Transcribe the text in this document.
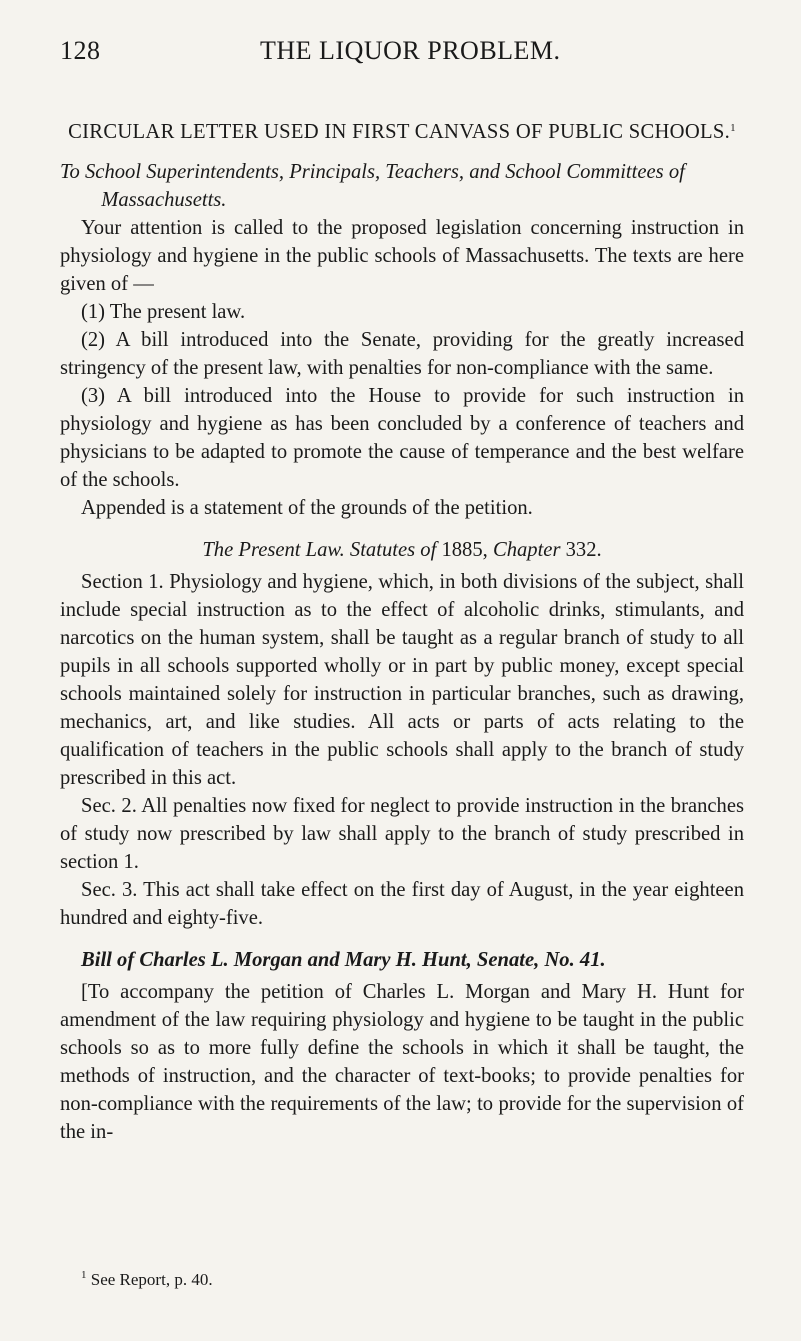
128	THE LIQUOR PROBLEM.

CIRCULAR LETTER USED IN FIRST CANVASS OF PUBLIC SCHOOLS.$^1$

To School Superintendents, Principals, Teachers, and School Committees of Massachusetts.

Your attention is called to the proposed legislation concerning instruction in physiology and hygiene in the public schools of Massachusetts. The texts are here given of —

(1) The present law.

(2) A bill introduced into the Senate, providing for the greatly increased stringency of the present law, with penalties for non-compliance with the same.

(3) A bill introduced into the House to provide for such instruction in physiology and hygiene as has been concluded by a conference of teachers and physicians to be adapted to promote the cause of temperance and the best welfare of the schools.

Appended is a statement of the grounds of the petition.

The Present Law. Statutes of 1885, Chapter 332.

Section 1. Physiology and hygiene, which, in both divisions of the subject, shall include special instruction as to the effect of alcoholic drinks, stimulants, and narcotics on the human system, shall be taught as a regular branch of study to all pupils in all schools supported wholly or in part by public money, except special schools maintained solely for instruction in particular branches, such as drawing, mechanics, art, and like studies. All acts or parts of acts relating to the qualification of teachers in the public schools shall apply to the branch of study prescribed in this act.

Sec. 2. All penalties now fixed for neglect to provide instruction in the branches of study now prescribed by law shall apply to the branch of study prescribed in section 1.

Sec. 3. This act shall take effect on the first day of August, in the year eighteen hundred and eighty-five.

Bill of Charles L. Morgan and Mary H. Hunt, Senate, No. 41.

[To accompany the petition of Charles L. Morgan and Mary H. Hunt for amendment of the law requiring physiology and hygiene to be taught in the public schools so as to more fully define the schools in which it shall be taught, the methods of instruction, and the character of text-books; to provide penalties for non-compliance with the requirements of the law; to provide for the supervision of the in-

$^1$ See Report, p. 40.
